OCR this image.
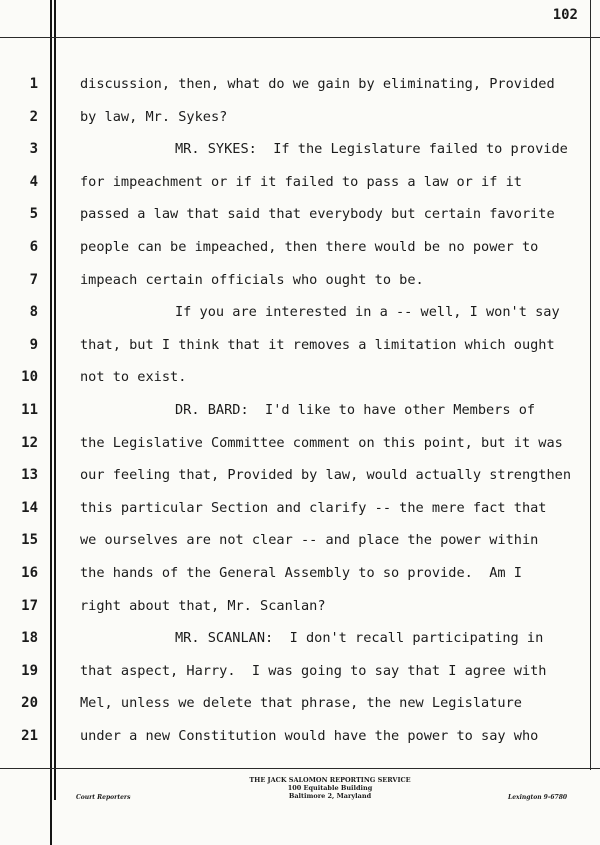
102
1	discussion, then, what do we gain by eliminating, Provided
2	by law, Mr. Sykes?
3	MR. SYKES:  If the Legislature failed to provide
4	for impeachment or if it failed to pass a law or if it
5	passed a law that said that everybody but certain favorite
6	people can be impeached, then there would be no power to
7	impeach certain officials who ought to be.
8	If you are interested in a -- well, I won't say
9	that, but I think that it removes a limitation which ought
10	not to exist.
11	DR. BARD:  I'd like to have other Members of
12	the Legislative Committee comment on this point, but it was
13	our feeling that, Provided by law, would actually strengthen
14	this particular Section and clarify -- the mere fact that
15	we ourselves are not clear -- and place the power within
16	the hands of the General Assembly to so provide.  Am I
17	right about that, Mr. Scanlan?
18	MR. SCANLAN:  I don't recall participating in
19	that aspect, Harry.  I was going to say that I agree with
20	Mel, unless we delete that phrase, the new Legislature
21	under a new Constitution would have the power to say who
THE JACK SALOMON REPORTING SERVICE
100 Equitable Building
Baltimore 2, Maryland
Court Reporters	Lexington 9-6780
